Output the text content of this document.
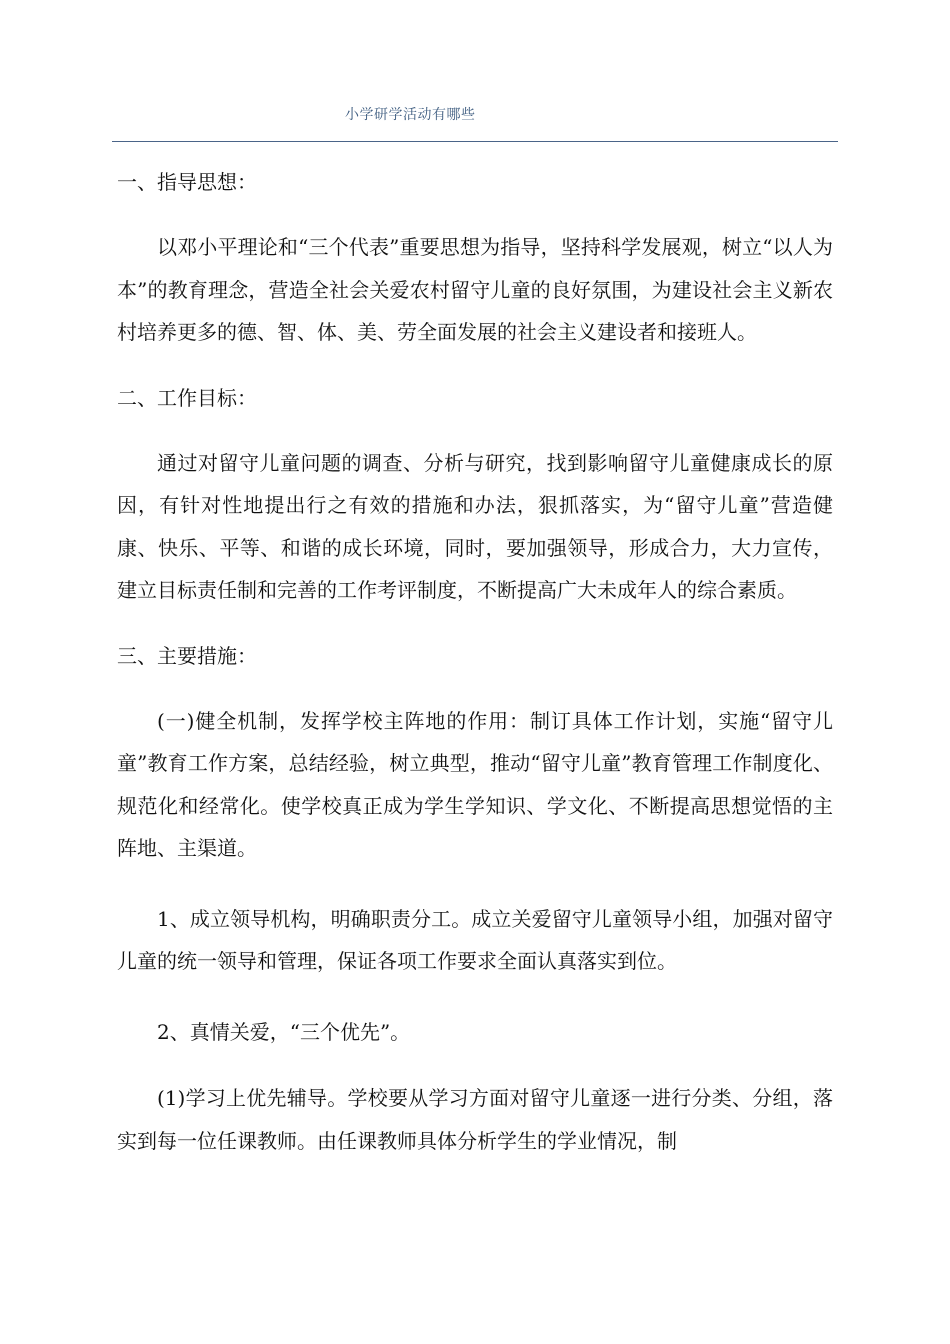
小学研学活动有哪些
一、指导思想：

以邓小平理论和“三个代表”重要思想为指导，坚持科学发展观，树立“以人为本”的教育理念，营造全社会关爱农村留守儿童的良好氛围，为建设社会主义新农村培养更多的德、智、体、美、劳全面发展的社会主义建设者和接班人。

二、工作目标：

通过对留守儿童问题的调查、分析与研究，找到影响留守儿童健康成长的原因，有针对性地提出行之有效的措施和办法，狠抓落实，为“留守儿童”营造健康、快乐、平等、和谐的成长环境，同时，要加强领导，形成合力，大力宣传，建立目标责任制和完善的工作考评制度，不断提高广大未成年人的综合素质。

三、主要措施：

(一)健全机制，发挥学校主阵地的作用：制订具体工作计划，实施“留守儿童”教育工作方案，总结经验，树立典型，推动“留守儿童”教育管理工作制度化、规范化和经常化。使学校真正成为学生学知识、学文化、不断提高思想觉悟的主阵地、主渠道。

1、成立领导机构，明确职责分工。成立关爱留守儿童领导小组，加强对留守儿童的统一领导和管理，保证各项工作要求全面认真落实到位。

2、真情关爱，“三个优先”。

(1)学习上优先辅导。学校要从学习方面对留守儿童逐一进行分类、分组，落实到每一位任课教师。由任课教师具体分析学生的学业情况，制
